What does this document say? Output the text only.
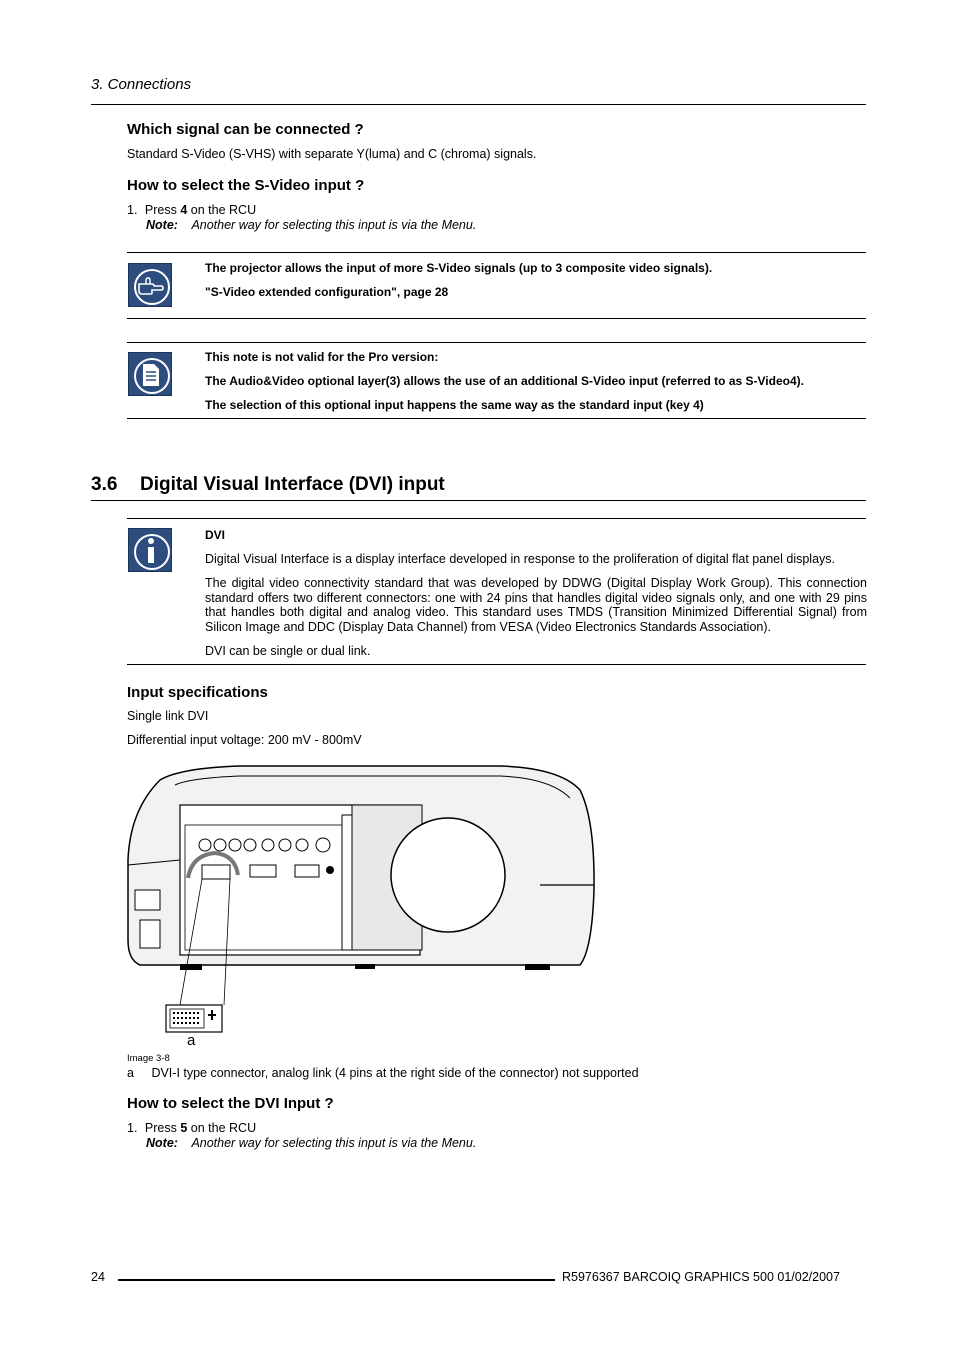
3. Connections
Which signal can be connected ?
Standard S-Video (S-VHS) with separate Y(luma) and C (chroma) signals.
How to select the S-Video input ?
1. Press 4 on the RCU
Note: Another way for selecting this input is via the Menu.
The projector allows the input of more S-Video signals (up to 3 composite video signals).
"S-Video extended configuration", page 28
This note is not valid for the Pro version:
The Audio&Video optional layer(3) allows the use of an additional S-Video input (referred to as S-Video4).
The selection of this optional input happens the same way as the standard input (key 4)
3.6 Digital Visual Interface (DVI) input
DVI
Digital Visual Interface is a display interface developed in response to the proliferation of digital flat panel displays.
The digital video connectivity standard that was developed by DDWG (Digital Display Work Group). This connection standard offers two different connectors: one with 24 pins that handles digital video signals only, and one with 29 pins that handles both digital and analog video. This standard uses TMDS (Transition Minimized Differential Signal) from Silicon Image and DDC (Display Data Channel) from VESA (Video Electronics Standards Association).
DVI can be single or dual link.
Input specifications
Single link DVI
Differential input voltage: 200 mV - 800mV
a
Image 3-8
a DVI-I type connector, analog link (4 pins at the right side of the connector) not supported
How to select the DVI Input ?
1. Press 5 on the RCU
Note: Another way for selecting this input is via the Menu.
24	R5976367 BARCOIQ GRAPHICS 500 01/02/2007
